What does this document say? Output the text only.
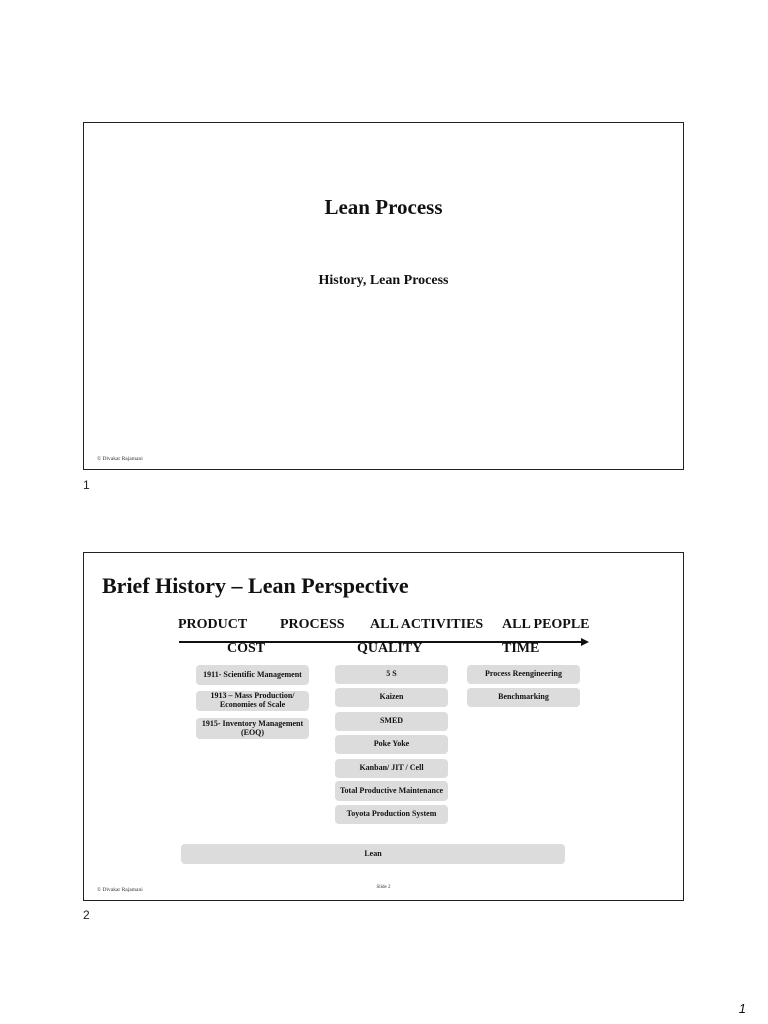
Lean Process
History, Lean Process
© Divakar Rajamani
1
Brief History – Lean Perspective
PRODUCT PROCESS ALL ACTIVITIES ALL PEOPLE
COST	QUALITY	TIME
1911- Scientific Management
1913 – Mass Production/ Economies of Scale
1915- Inventory Management (EOQ)
5 S
Kaizen
SMED
Poke Yoke
Kanban/ JIT / Cell
Total Productive Maintenance
Toyota Production System
Process Reengineering
Benchmarking
Lean
© Divakar Rajamani	Slide 2
2
1
